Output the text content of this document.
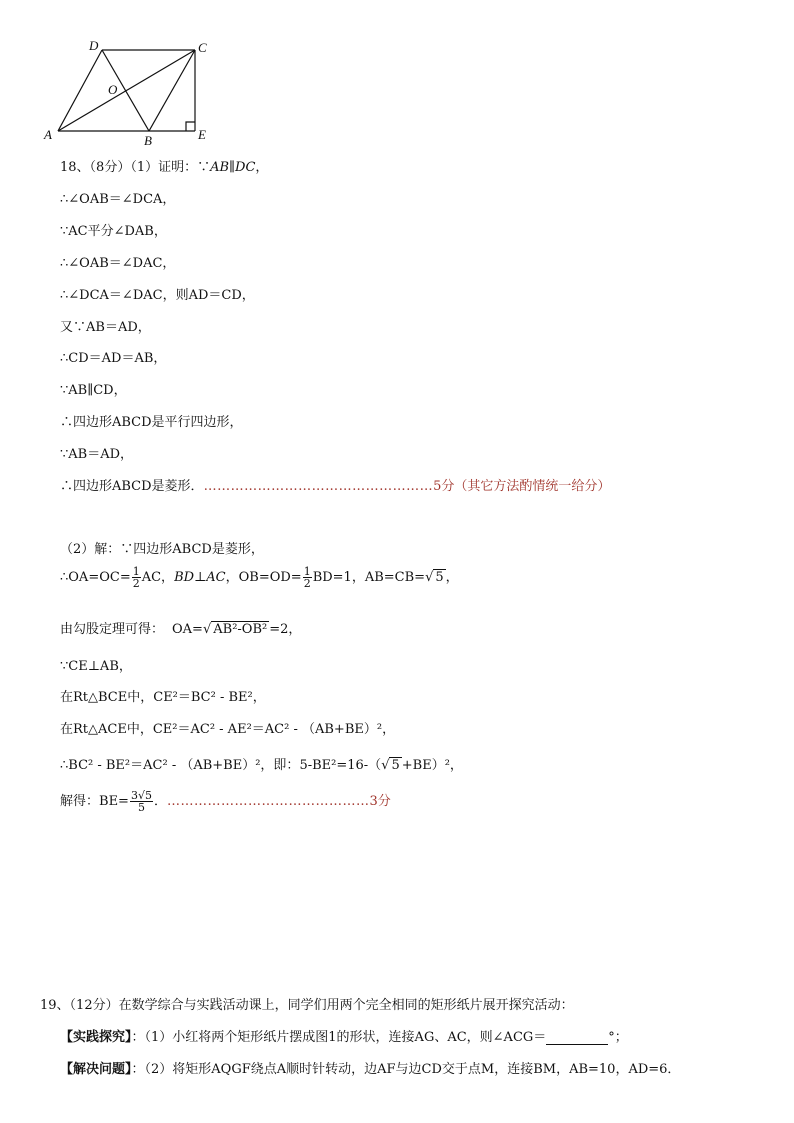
D	C
O
A	B	E
18、（8分）（1）证明：∵AB∥DC，
∴∠OAB＝∠DCA，
∵AC平分∠DAB，
∴∠OAB＝∠DAC，
∴∠DCA＝∠DAC，则AD＝CD，
又∵AB＝AD，
∴CD＝AD＝AB，
∵AB∥CD，
∴四边形ABCD是平行四边形，
∵AB＝AD，
∴四边形ABCD是菱形．……………………………………………5分（其它方法酌情统一给分）
（2）解：∵四边形ABCD是菱形，
∴OA=OC= $\frac{1}{2}$ AC，BD⊥AC，$OB=OD= \frac{1}{2} BD=1$，AB=CB=√ 5 ，
由勾股定理可得： OA=√ AB²-OB² =2，
∵CE⊥AB，
在Rt△BCE中，CE²＝BC² - BE²，
在Rt△ACE中，CE²＝AC² - AE²＝AC² - （AB+BE）²，
∴BC² - BE²＝AC² - （AB+BE）²，即：5-BE²=16-（√ 5 +BE）²，
解得：$BE= \frac{3√5}{5}$ ．………………………………………3分
19、（12分）在数学综合与实践活动课上，同学们用两个完全相同的矩形纸片展开探究活动：
【实践探究】：（1）小红将两个矩形纸片摆成图1的形状，连接AG、AC，则∠ACG＝	°；
【解决问题】：（2）将矩形AQGF绕点A顺时针转动，边AF与边CD交于点M，连接BM，AB=10，AD=6．
